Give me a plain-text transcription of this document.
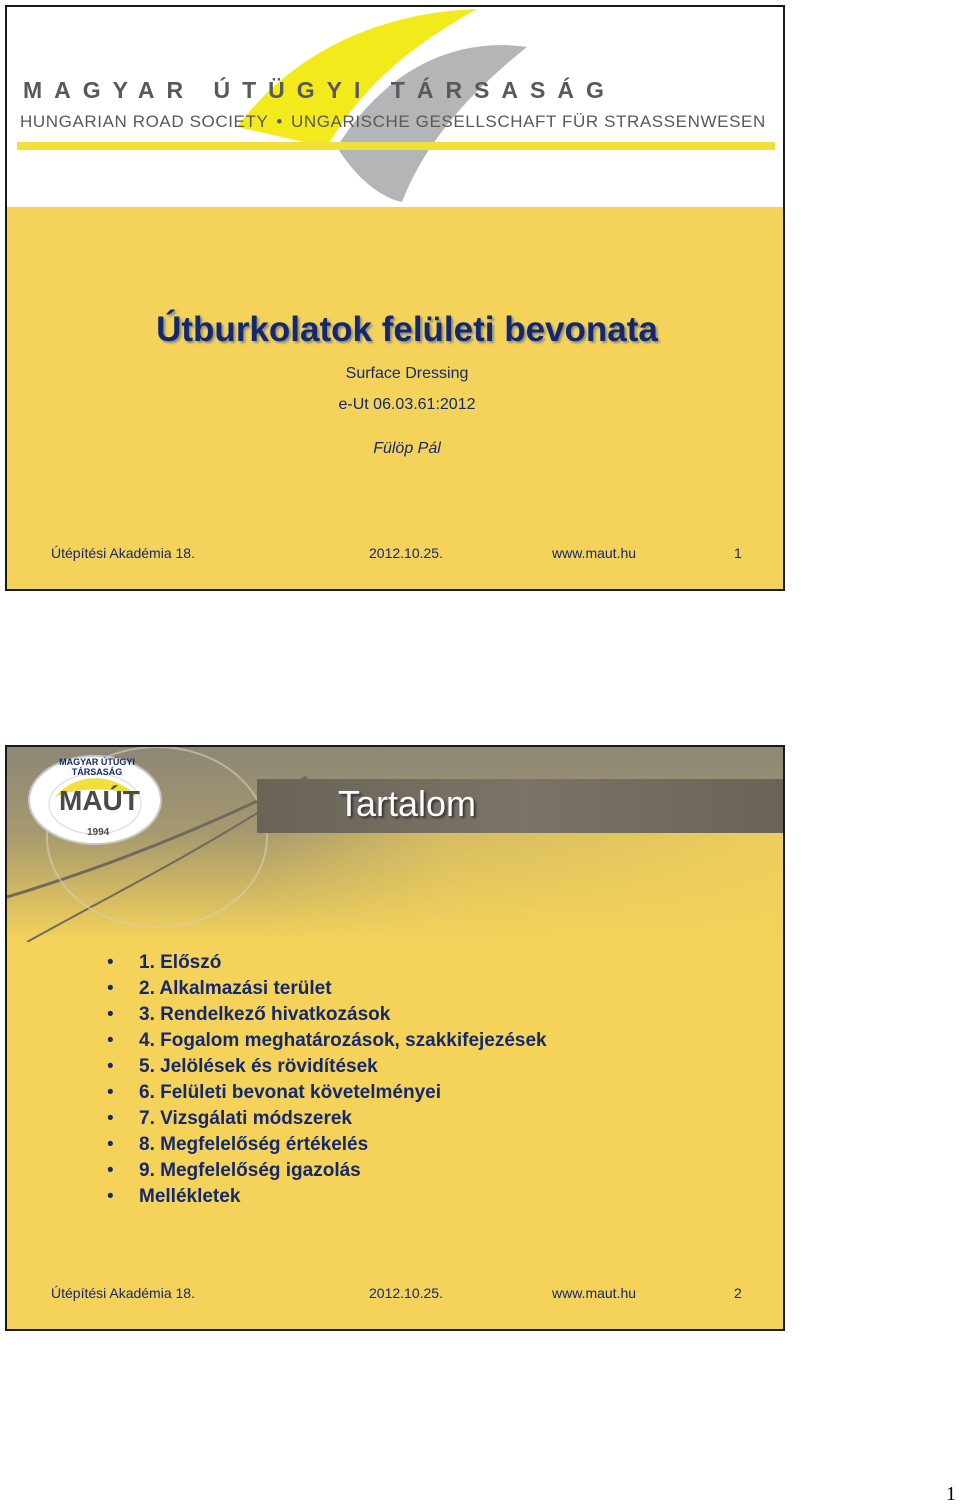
MAGYAR ÚTÜGYI TÁRSASÁG
HUNGARIAN ROAD SOCIETY • UNGARISCHE GESELLSCHAFT FÜR STRASSENWESEN
Útburkolatok felületi bevonata
Surface Dressing
e-Ut 06.03.61:2012
Fülöp Pál
Útépítési Akadémia 18.	2012.10.25.	www.maut.hu	1
MAGYAR ÚTÜGYI TÁRSASÁG
MAÚT
1994
Tartalom
• 1. Előszó
• 2. Alkalmazási terület
• 3. Rendelkező hivatkozások
• 4. Fogalom meghatározások, szakkifejezések
• 5. Jelölések és rövidítések
• 6. Felületi bevonat követelményei
• 7. Vizsgálati módszerek
• 8. Megfelelőség értékelés
• 9. Megfelelőség igazolás
• Mellékletek
Útépítési Akadémia 18.	2012.10.25.	www.maut.hu	2
1
